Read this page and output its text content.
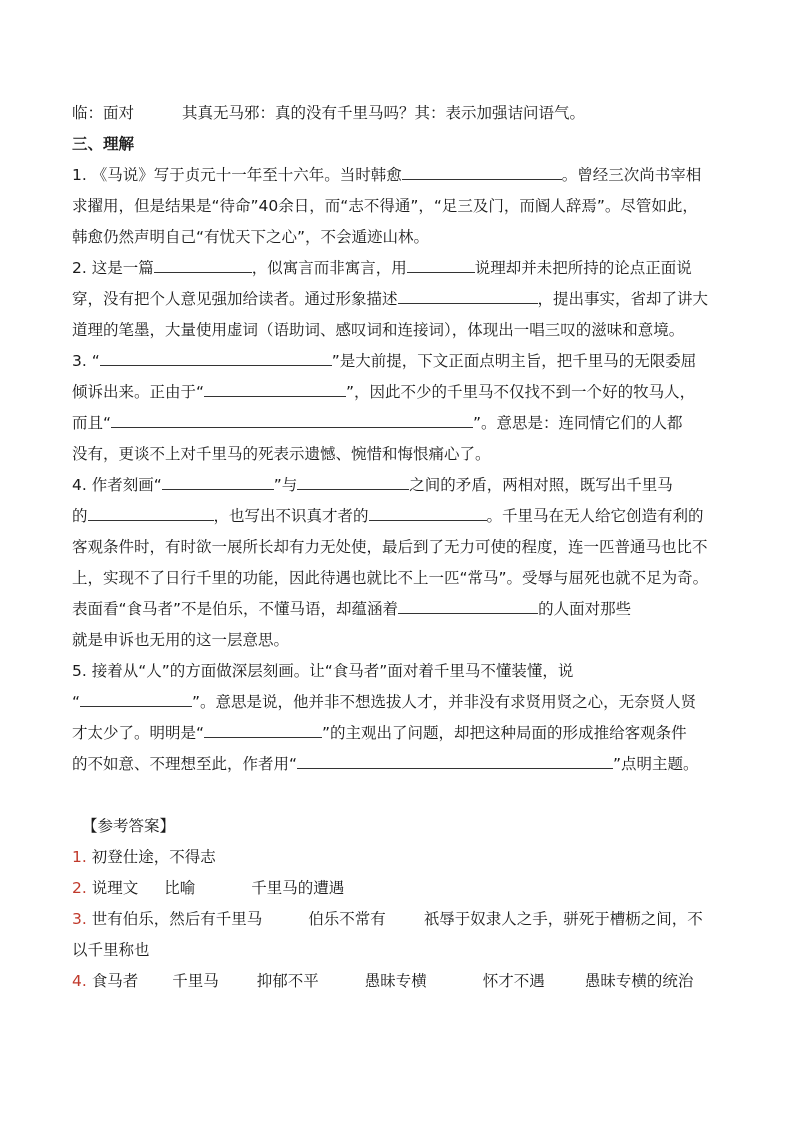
临：面对	其真无马邪：真的没有千里马吗？其：表示加强诘问语气。
三、理解
1. 《马说》写于贞元十一年至十六年。当时韩愈	。曾经三次尚书宰相
求擢用，但是结果是“待命”40余日，而“志不得通”，“足三及门，而阍人辞焉”。尽管如此，
韩愈仍然声明自己“有忧天下之心”，不会遁迹山林。
2. 这是一篇	，似寓言而非寓言，用	说理却并未把所持的论点正面说
穿，没有把个人意见强加给读者。通过形象描述	，提出事实，省却了讲大
道理的笔墨，大量使用虚词（语助词、感叹词和连接词），体现出一唱三叹的滋味和意境。
3. “	”是大前提，下文正面点明主旨，把千里马的无限委屈
倾诉出来。正由于“	”，因此不少的千里马不仅找不到一个好的牧马人，
而且“	”。意思是：连同情它们的人都
没有，更谈不上对千里马的死表示遗憾、惋惜和悔恨痛心了。
4. 作者刻画“	”与	之间的矛盾，两相对照，既写出千里马
的	，也写出不识真才者的	。千里马在无人给它创造有利的
客观条件时，有时欲一展所长却有力无处使，最后到了无力可使的程度，连一匹普通马也比不
上，实现不了日行千里的功能，因此待遇也就比不上一匹“常马”。受辱与屈死也就不足为奇。
表面看“食马者”不是伯乐，不懂马语，却蕴涵着	的人面对那些
就是申诉也无用的这一层意思。
5. 接着从“人”的方面做深层刻画。让“食马者”面对着千里马不懂装懂，说
“	”。意思是说，他并非不想选拔人才，并非没有求贤用贤之心，无奈贤人贤
才太少了。明明是“	”的主观出了问题，却把这种局面的形成推给客观条件
的不如意、不理想至此，作者用“	”点明主题。
【参考答案】
1. 初登仕途，不得志
2. 说理文 比喻	千里马的遭遇
3. 世有伯乐，然后有千里马	伯乐不常有 祇辱于奴隶人之手，骈死于槽枥之间，不
以千里称也
4. 食马者 千里马 抑郁不平	愚昧专横	怀才不遇	愚昧专横的统治
